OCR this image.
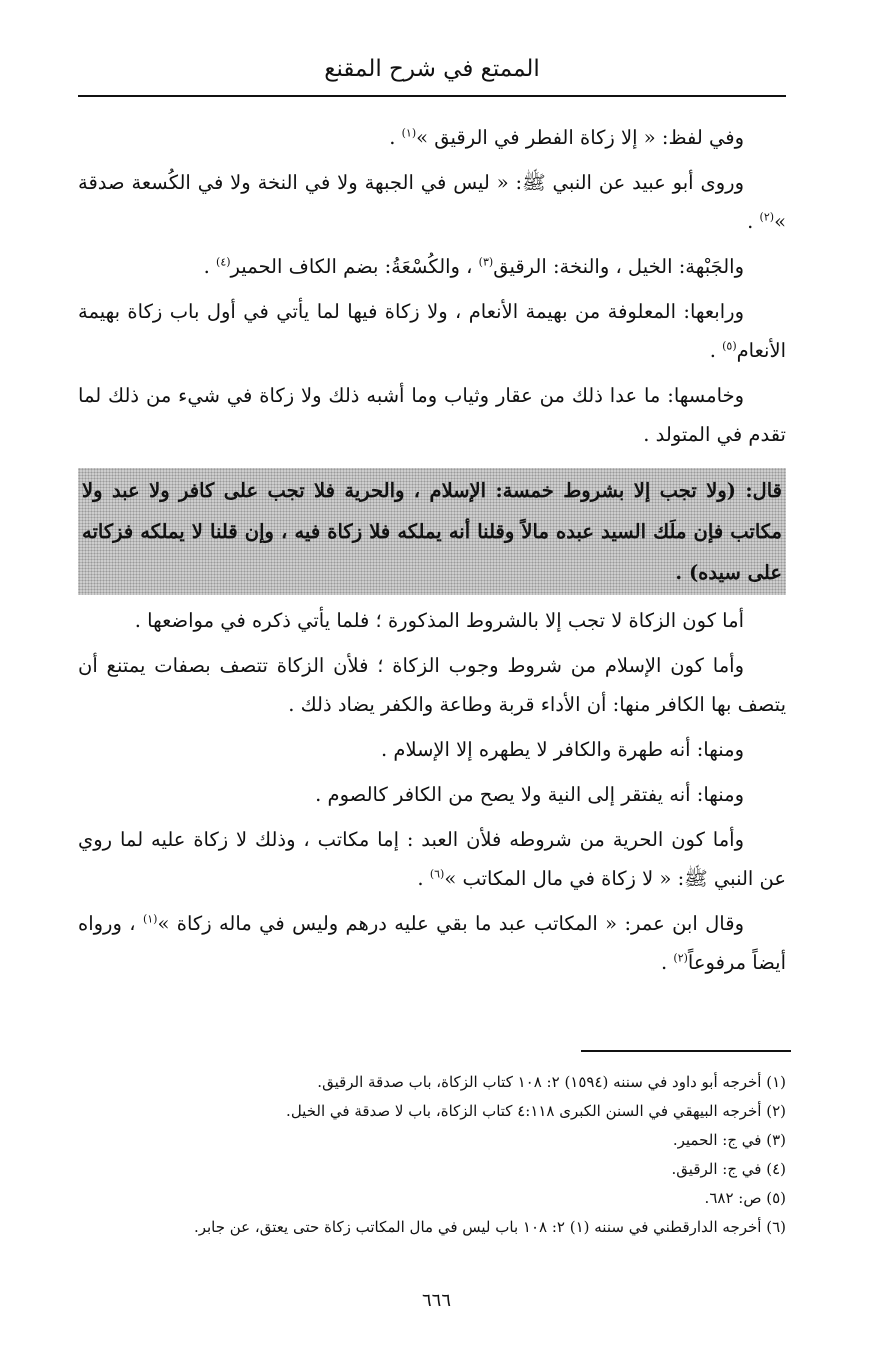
الممتع في شرح المقنع

وفي لفظ: « إلا زكاة الفطر في الرقيق »$^{(١)}$ .

وروى أبو عبيد عن النبي ﷺ: « ليس في الجبهة ولا في النخة ولا في الكُسعة صدقة »$^{(٢)}$ .

والجَبْهة: الخيل ، والنخة: الرقيق$^{(٣)}$ ، والكُسْعَةُ: بضم الكاف الحمير$^{(٤)}$ .

ورابعها: المعلوفة من بهيمة الأنعام ، ولا زكاة فيها لما يأتي في أول باب زكاة بهيمة الأنعام$^{(٥)}$ .

وخامسها: ما عدا ذلك من عقار وثياب وما أشبه ذلك ولا زكاة في شيء من ذلك لما تقدم في المتولد .

قال: (ولا تجب إلا بشروط خمسة: الإسلام ، والحرية فلا تجب على كافر ولا عبد ولا مكاتب فإن ملَك السيد عبده مالاً وقلنا أنه يملكه فلا زكاة فيه ، وإن قلنا لا يملكه فزكاته على سيده) .

أما كون الزكاة لا تجب إلا بالشروط المذكورة ؛ فلما يأتي ذكره في مواضعها .

وأما كون الإسلام من شروط وجوب الزكاة ؛ فلأن الزكاة تتصف بصفات يمتنع أن يتصف بها الكافر منها: أن الأداء قربة وطاعة والكفر يضاد ذلك .

ومنها: أنه طهرة والكافر لا يطهره إلا الإسلام .

ومنها: أنه يفتقر إلى النية ولا يصح من الكافر كالصوم .

وأما كون الحرية من شروطه فلأن العبد : إما مكاتب ، وذلك لا زكاة عليه لما روي عن النبي ﷺ: « لا زكاة في مال المكاتب »$^{(٦)}$ .

وقال ابن عمر: « المكاتب عبد ما بقي عليه درهم وليس في ماله زكاة »$^{(١)}$ ، ورواه أيضاً مرفوعاً$^{(٢)}$ .

(١) أخرجه أبو داود في سننه (١٥٩٤) ٢: ١٠٨ كتاب الزكاة، باب صدقة الرقيق.

(٢) أخرجه البيهقي في السنن الكبرى ٤:١١٨ كتاب الزكاة، باب لا صدقة في الخيل.

(٣) في ج: الحمير.

(٤) في ج: الرقيق.

(٥) ص: ٦٨٢.

(٦) أخرجه الدارقطني في سننه (١) ٢: ١٠٨ باب ليس في مال المكاتب زكاة حتى يعتق، عن جابر.

٦٦٦
